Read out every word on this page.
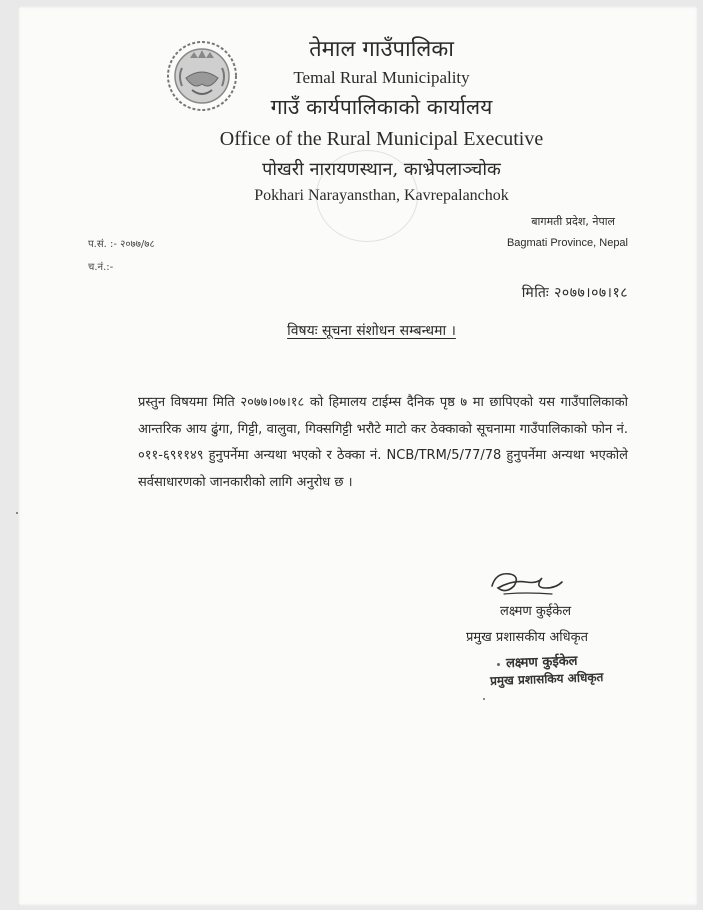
तेमाल गाउँपालिका
Temal Rural Municipality
गाउँ कार्यपालिकाको कार्यालय
Office of the Rural Municipal Executive
पोखरी नारायणस्थान, काभ्रेपलाञ्चोक
Pokhari Narayansthan, Kavrepalanchok
बागमती प्रदेश, नेपाल
Bagmati Province, Nepal
प.सं. :- २०७७/७८
च.नं.:-
मितिः २०७७।०७।१८
विषयः सूचना संशोधन सम्बन्धमा ।
प्रस्तुन विषयमा मिति २०७७।०७।१८ को हिमालय टाईम्स दैनिक पृष्ठ ७ मा छापिएको यस गाउँपालिकाको आन्तरिक आय ढुंगा, गिट्टी, वालुवा, गिक्सगिट्टी भरौटे माटो कर ठेक्काको सूचनामा गाउँपालिकाको फोन नं. ०११-६९११४९ हुनुपर्नेमा अन्यथा भएको र ठेक्का नं. NCB/TRM/5/77/78 हुनुपर्नेमा अन्यथा भएकोले सर्वसाधारणको जानकारीको लागि अनुरोध छ ।
लक्ष्मण कुईकेल
प्रमुख प्रशासकीय अधिकृत
लक्ष्मण कुईकेल
प्रमुख प्रशासकिय अधिकृत
